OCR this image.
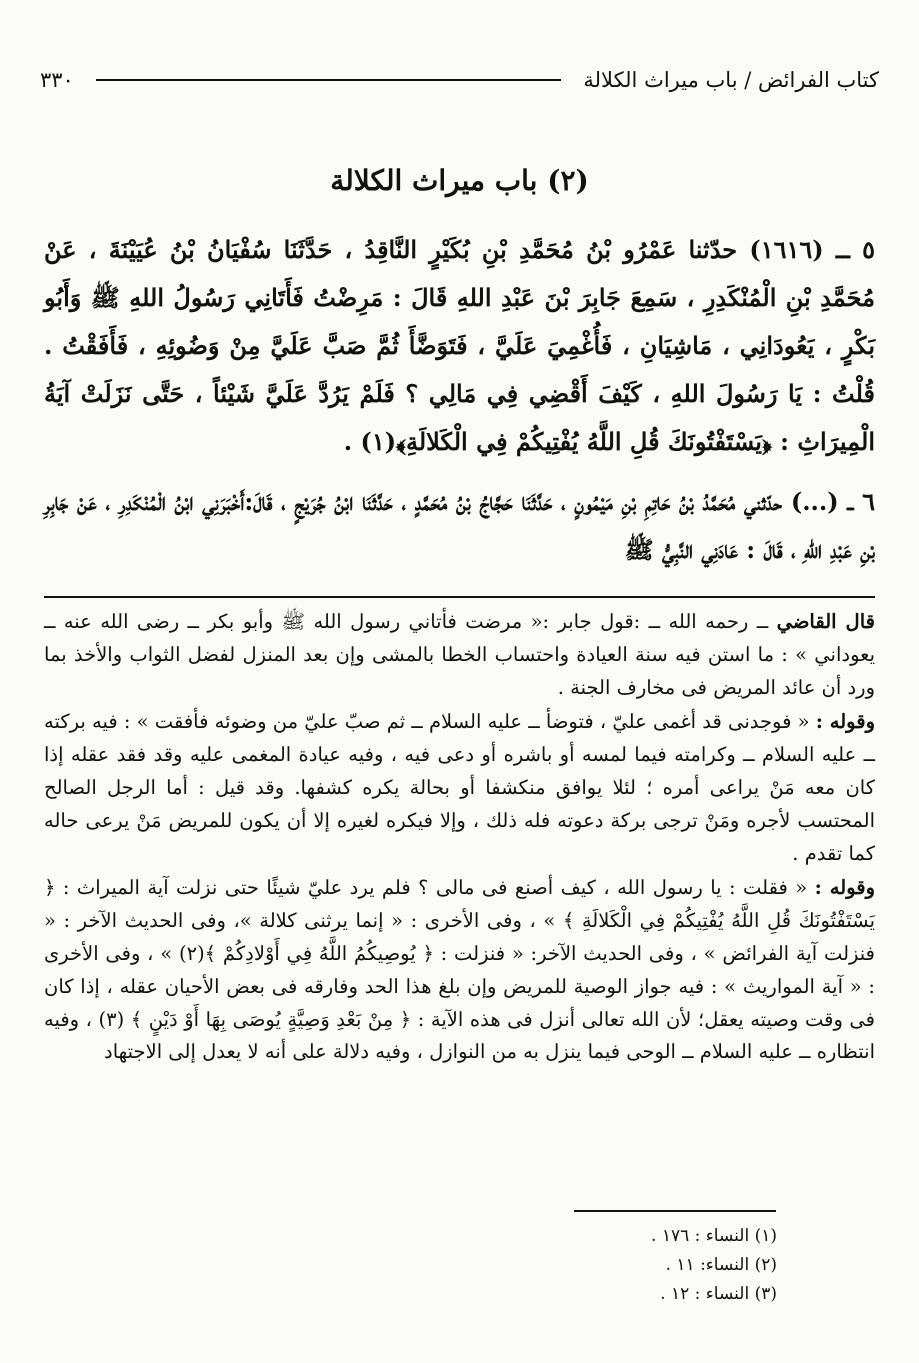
كتاب الفرائض / باب ميراث الكلالة
٣٣٠
(٢) باب ميراث الكلالة
٥ ــ (١٦١٦) حدّثنا عَمْرُو بْنُ مُحَمَّدِ بْنِ بُكَيْرٍ النَّاقِدُ ، حَدَّثَنَا سُفْيَانُ بْنُ عُيَيْنَةَ ، عَنْ مُحَمَّدِ بْنِ الْمُنْكَدِرِ ، سَمِعَ جَابِرَ بْنَ عَبْدِ اللهِ قَالَ : مَرِضْتُ فَأَتَانِي رَسُولُ اللهِ ﷺ وَأَبُو بَكْرٍ ، يَعُودَانِي ، مَاشِيَانِ ، فَأُغْمِيَ عَلَيَّ ، فَتَوَضَّأَ ثُمَّ صَبَّ عَلَيَّ مِنْ وَضُوئِهِ ، فَأَفَقْتُ . قُلْتُ : يَا رَسُولَ اللهِ ، كَيْفَ أَقْضِي فِي مَالِي ؟ فَلَمْ يَرُدَّ عَلَيَّ شَيْئاً ، حَتَّى نَزَلَتْ آيَةُ الْمِيرَاثِ : ﴿يَسْتَفْتُونَكَ قُلِ اللَّهُ يُفْتِيكُمْ فِي الْكَلالَةِ﴾(١) .
٦ ــ (...) حدّثني مُحَمَّدُ بْنُ حَاتِمِ بْنِ مَيْمُونٍ ، حَدَّثَنَا حَجَّاجُ بْنُ مُحَمَّدٍ ، حَدَّثَنَا ابْنُ جُرَيْجٍ ، قَالَ:أَخْبَرَنِي ابْنُ الْمُنْكَدِرِ ، عَنْ جَابِرِ بْنِ عَبْدِ اللهِ ، قَالَ : عَادَنِي النَّبِيُّ ﷺ

قال القاضي ــ رحمه الله ــ :قول جابر :« مرضت فأتاني رسول الله ﷺ وأبو بكر ــ رضى الله عنه ــ يعوداني » : ما استن فيه سنة العيادة واحتساب الخطا بالمشى وإن بعد المنزل لفضل الثواب والأخذ بما ورد أن عائد المريض فى مخارف الجنة .

وقوله : « فوجدنى قد أغمى عليّ ، فتوضأ ــ عليه السلام ــ ثم صبّ عليّ من وضوئه فأفقت » : فيه بركته ــ عليه السلام ــ وكرامته فيما لمسه أو باشره أو دعى فيه ، وفيه عيادة المغمى عليه وقد فقد عقله إذا كان معه مَنْ يراعى أمره ؛ لئلا يوافق منكشفا أو بحالة يكره كشفها. وقد قيل : أما الرجل الصالح المحتسب لأجره ومَنْ ترجى بركة دعوته فله ذلك ، وإلا فيكره لغيره إلا أن يكون للمريض مَنْ يرعى حاله كما تقدم .

وقوله : « فقلت : يا رسول الله ، كيف أصنع فى مالى ؟ فلم يرد عليّ شيئًا حتى نزلت آية الميراث : ﴿ يَسْتَفْتُونَكَ قُلِ اللَّهُ يُفْتِيكُمْ فِي الْكَلالَةِ ﴾ » ، وفى الأخرى : « إنما يرثنى كلالة »، وفى الحديث الآخر : « فنزلت آية الفرائض » ، وفى الحديث الآخر: « فنزلت : ﴿ يُوصِيكُمُ اللَّهُ فِي أَوْلادِكُمْ ﴾(٢) » ، وفى الأخرى : « آية المواريث » : فيه جواز الوصية للمريض وإن بلغ هذا الحد وفارقه فى بعض الأحيان عقله ، إذا كان فى وقت وصيته يعقل؛ لأن الله تعالى أنزل فى هذه الآية : ﴿ مِنْ بَعْدِ وَصِيَّةٍ يُوصَى بِهَا أَوْ دَيْنٍ ﴾ (٣) ، وفيه انتظاره ــ عليه السلام ــ الوحى فيما ينزل به من النوازل ، وفيه دلالة على أنه لا يعدل إلى الاجتهاد

(١) النساء : ١٧٦ .
(٢) النساء: ١١ .
(٣) النساء : ١٢ .
